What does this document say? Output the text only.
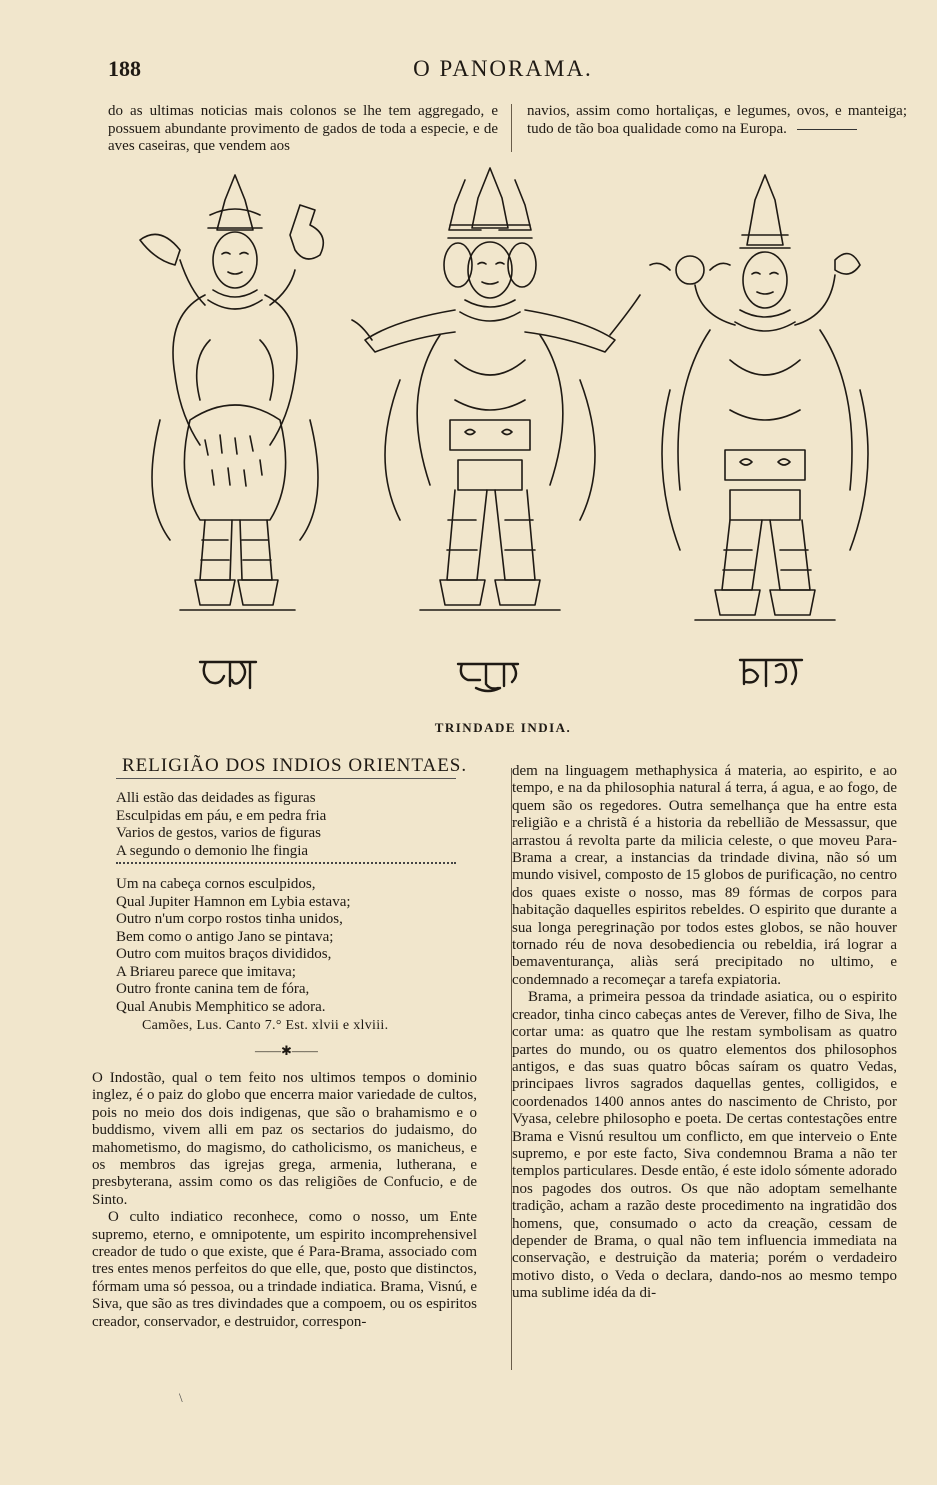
188	O PANORAMA.

do as ultimas noticias mais colonos se lhe tem aggregado, e possuem abundante provimento de gados de toda a especie, e de aves caseiras, que vendem aos

navios, assim como hortaliças, e legumes, ovos, e manteiga; tudo de tão boa qualidade como na Europa.

TRINDADE INDIA.
RELIGIÃO DOS INDIOS ORIENTAES.
Alli estão das deidades as figuras
Esculpidas em páu, e em pedra fria
Varios de gestos, varios de figuras
A segundo o demonio lhe fingia
Um na cabeça cornos esculpidos,
Qual Jupiter Hamnon em Lybia estava;
Outro n'um corpo rostos tinha unidos,
Bem como o antigo Jano se pintava;
Outro com muitos braços divididos,
A Briareu parece que imitava;
Outro fronte canina tem de fóra,
Qual Anubis Memphitico se adora.
Camões, Lus. Canto 7.° Est. xlvii e xlviii.
——✱——

O Indostão, qual o tem feito nos ultimos tempos o dominio inglez, é o paiz do globo que encerra maior variedade de cultos, pois no meio dos dois indigenas, que são o brahamismo e o buddismo, vivem alli em paz os sectarios do judaismo, do mahometismo, do magismo, do catholicismo, os manicheus, e os membros das igrejas grega, armenia, lutherana, e presbyterana, assim como os das religiões de Confucio, e de Sinto.

O culto indiatico reconhece, como o nosso, um Ente supremo, eterno, e omnipotente, um espirito incomprehensivel creador de tudo o que existe, que é Para-Brama, associado com tres entes menos perfeitos do que elle, que, posto que distinctos, fórmam uma só pessoa, ou a trindade indiatica. Brama, Visnú, e Siva, que são as tres divindades que a compoem, ou os espiritos creador, conservador, e destruidor, correspon-

dem na linguagem methaphysica á materia, ao espirito, e ao tempo, e na da philosophia natural á terra, á agua, e ao fogo, de quem são os regedores. Outra semelhança que ha entre esta religião e a christã é a historia da rebellião de Messassur, que arrastou á revolta parte da milicia celeste, o que moveu Para-Brama a crear, a instancias da trindade divina, não só um mundo visivel, composto de 15 globos de purificação, no centro dos quaes existe o nosso, mas 89 fórmas de corpos para habitação daquelles espiritos rebeldes. O espirito que durante a sua longa peregrinação por todos estes globos, se não houver tornado réu de nova desobediencia ou rebeldia, irá lograr a bemaventurança, aliàs será precipitado no ultimo, e condemnado a recomeçar a tarefa expiatoria.

Brama, a primeira pessoa da trindade asiatica, ou o espirito creador, tinha cinco cabeças antes de Verever, filho de Siva, lhe cortar uma: as quatro que lhe restam symbolisam as quatro partes do mundo, ou os quatro elementos dos philosophos antigos, e das suas quatro bôcas saíram os quatro Vedas, principaes livros sagrados daquellas gentes, colligidos, e coordenados 1400 annos antes do nascimento de Christo, por Vyasa, celebre philosopho e poeta. De certas contestações entre Brama e Visnú resultou um conflicto, em que interveio o Ente supremo, e por este facto, Siva condemnou Brama a não ter templos particulares. Desde então, é este idolo sómente adorado nos pagodes dos outros. Os que não adoptam semelhante tradição, acham a razão deste procedimento na ingratidão dos homens, que, consumado o acto da creação, cessam de depender de Brama, o qual não tem influencia immediata na conservação, e destruição da materia; porém o verdadeiro motivo disto, o Veda o declara, dando-nos ao mesmo tempo uma sublime idéa da di-

\
